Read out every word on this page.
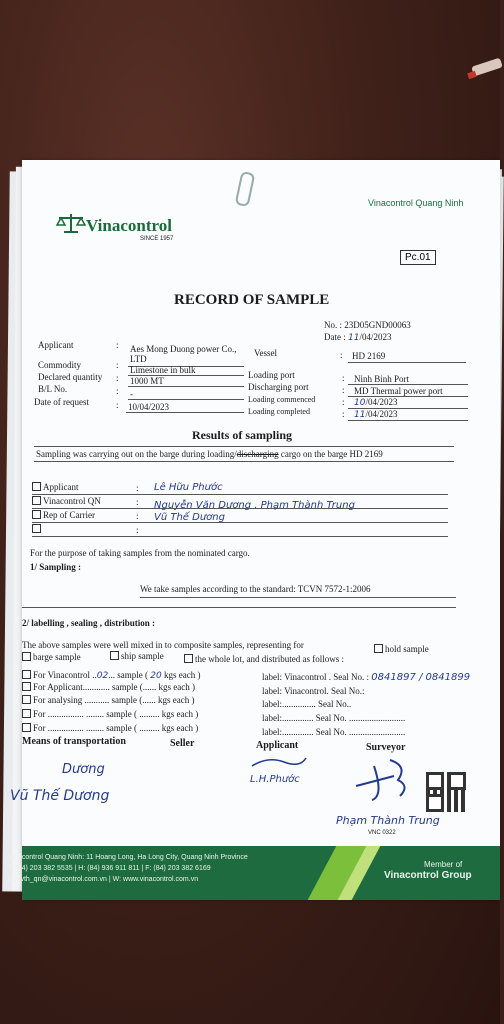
Vinacontrol Quang Ninh
Vinacontrol
SINCE 1957
Pc.01
RECORD OF SAMPLE
No. : 23D05GND00063
Date : 11/04/2023
Applicant	: Aes Mong Duong power Co., LTD
Commodity	: Limestone in bulk
Declared quantity : 1000 MT
B/L No.	: -
Date of request	: 10/04/2023
Vessel	: HD 2169
Loading port	: Ninh Binh Port
Discharging port	: MD Thermal power port
Loading commenced	: 10/04/2023
Loading completed	: 11/04/2023
Results of sampling
Sampling was carrying out on the barge during loading/discharging cargo on the barge HD 2169
Applicant	: Lê Hữu Phước
Vinacontrol QN	: Nguyễn Văn Dương , Phạm Thành Trung
Rep of Carrier	: Vũ Thế Dương
:
For the purpose of taking samples from the nominated cargo.
1/ Sampling :
We take samples according to the standard: TCVN 7572-1:2006
2/ labelling , sealing , distribution :
The above samples were well mixed in to composite samples, representing for	hold sample
barge sample	ship sample	the whole lot, and distributed as follows :
For Vinacontrol ..02... sample ( 20 kgs each )	label: Vinacontrol . Seal No. : 0841897 / 0841899
For Applicant............ sample (...... kgs each )	label: Vinacontrol. Seal No.:
For analysing ........... sample (...... kgs each )	label:............... Seal No..
For ................ ........ sample ( ......... kgs each )	label:.............. Seal No. .........................
For ................ ........ sample ( ......... kgs each )	label:.............. Seal No. .........................
Means of transportation	Seller	Applicant	Surveyor
Dương
Vũ Thế Dương
L.H.Phước
Phạm Thành Trung
VNC 0322
Vinacontrol Quang Ninh: 11 Hoang Long, Ha Long City, Quang Ninh Province
T: (84) 203 382 5535 | H: (84) 936 911 811 | F: (84) 203 382 6169
E: nvth_qn@vinacontrol.com.vn | W: www.vinacontrol.com.vn
Member of
Vinacontrol Group
